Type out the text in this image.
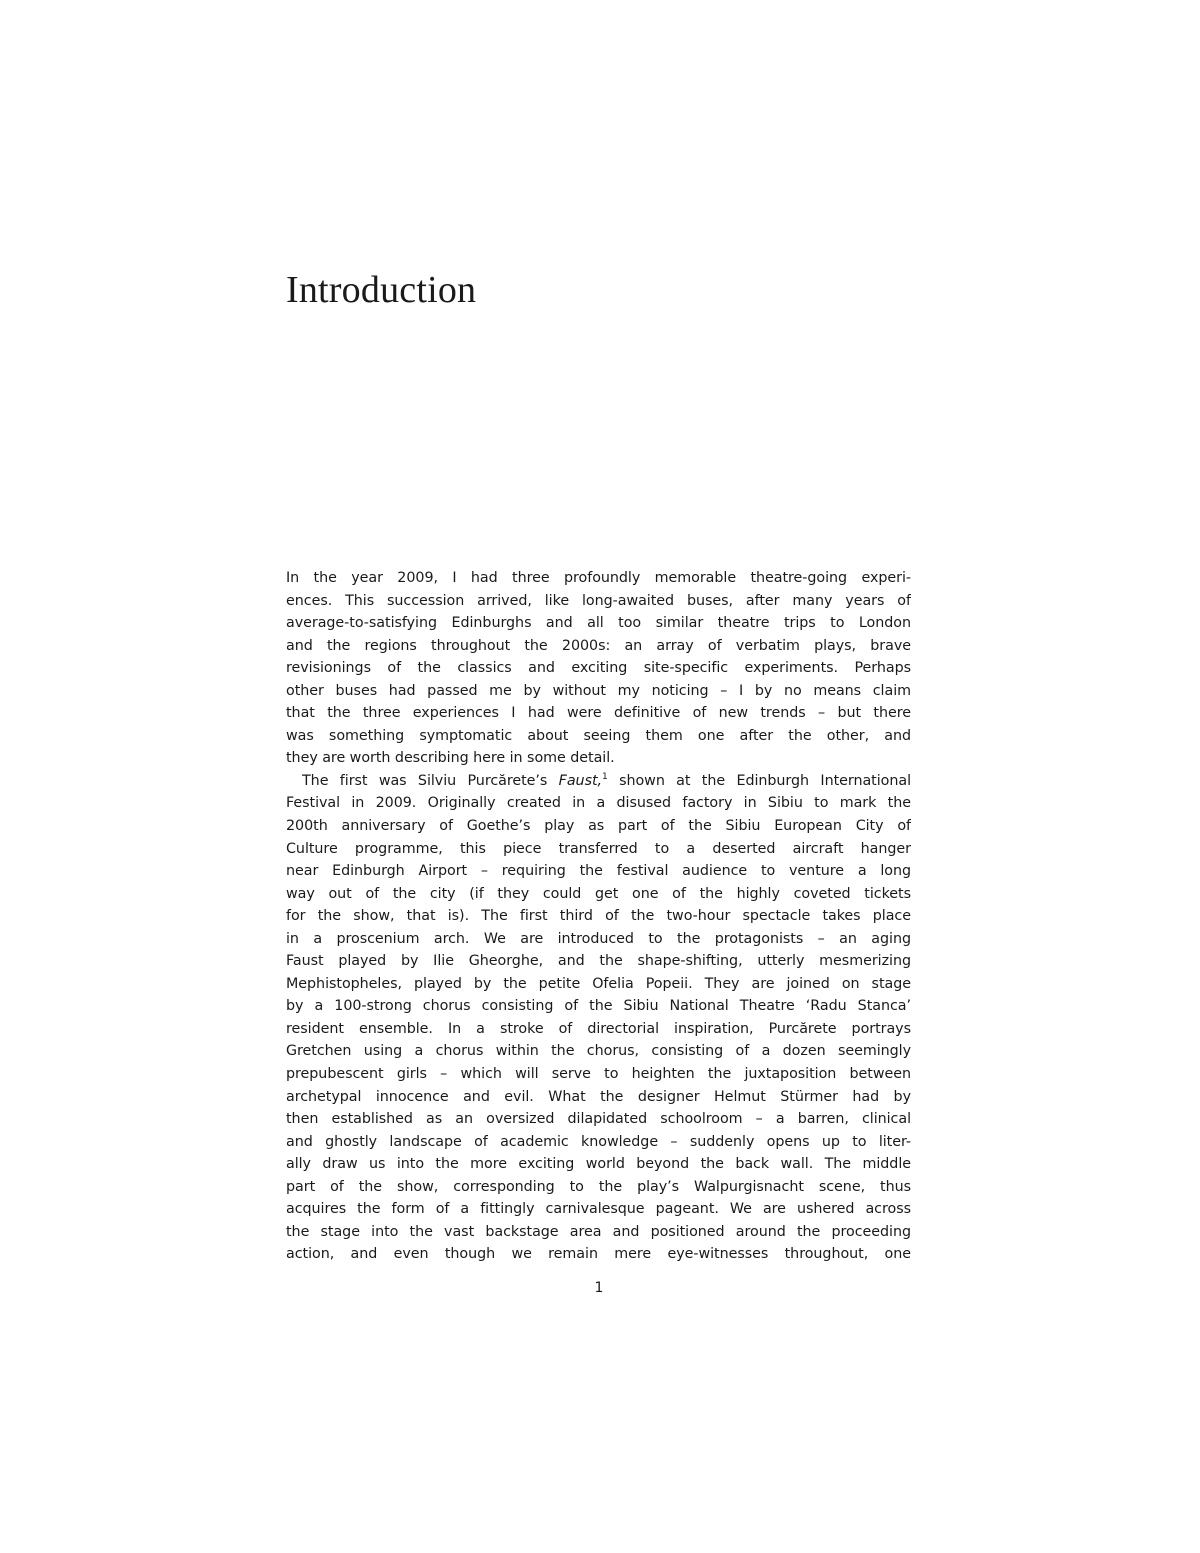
Introduction
In the year 2009, I had three profoundly memorable theatre-going experi-
ences. This succession arrived, like long-awaited buses, after many years of
average-to-satisfying Edinburghs and all too similar theatre trips to London
and the regions throughout the 2000s: an array of verbatim plays, brave
revisionings of the classics and exciting site-specific experiments. Perhaps
other buses had passed me by without my noticing – I by no means claim
that the three experiences I had were definitive of new trends – but there
was something symptomatic about seeing them one after the other, and
they are worth describing here in some detail.
The first was Silviu Purcărete’s Faust,$^1$ shown at the Edinburgh International
Festival in 2009. Originally created in a disused factory in Sibiu to mark the
200th anniversary of Goethe’s play as part of the Sibiu European City of
Culture programme, this piece transferred to a deserted aircraft hanger
near Edinburgh Airport – requiring the festival audience to venture a long
way out of the city (if they could get one of the highly coveted tickets
for the show, that is). The first third of the two-hour spectacle takes place
in a proscenium arch. We are introduced to the protagonists – an aging
Faust played by Ilie Gheorghe, and the shape-shifting, utterly mesmerizing
Mephistopheles, played by the petite Ofelia Popeii. They are joined on stage
by a 100-strong chorus consisting of the Sibiu National Theatre ‘Radu Stanca’
resident ensemble. In a stroke of directorial inspiration, Purcărete portrays
Gretchen using a chorus within the chorus, consisting of a dozen seemingly
prepubescent girls – which will serve to heighten the juxtaposition between
archetypal innocence and evil. What the designer Helmut Stürmer had by
then established as an oversized dilapidated schoolroom – a barren, clinical
and ghostly landscape of academic knowledge – suddenly opens up to liter-
ally draw us into the more exciting world beyond the back wall. The middle
part of the show, corresponding to the play’s Walpurgisnacht scene, thus
acquires the form of a fittingly carnivalesque pageant. We are ushered across
the stage into the vast backstage area and positioned around the proceeding
action, and even though we remain mere eye-witnesses throughout, one
1
